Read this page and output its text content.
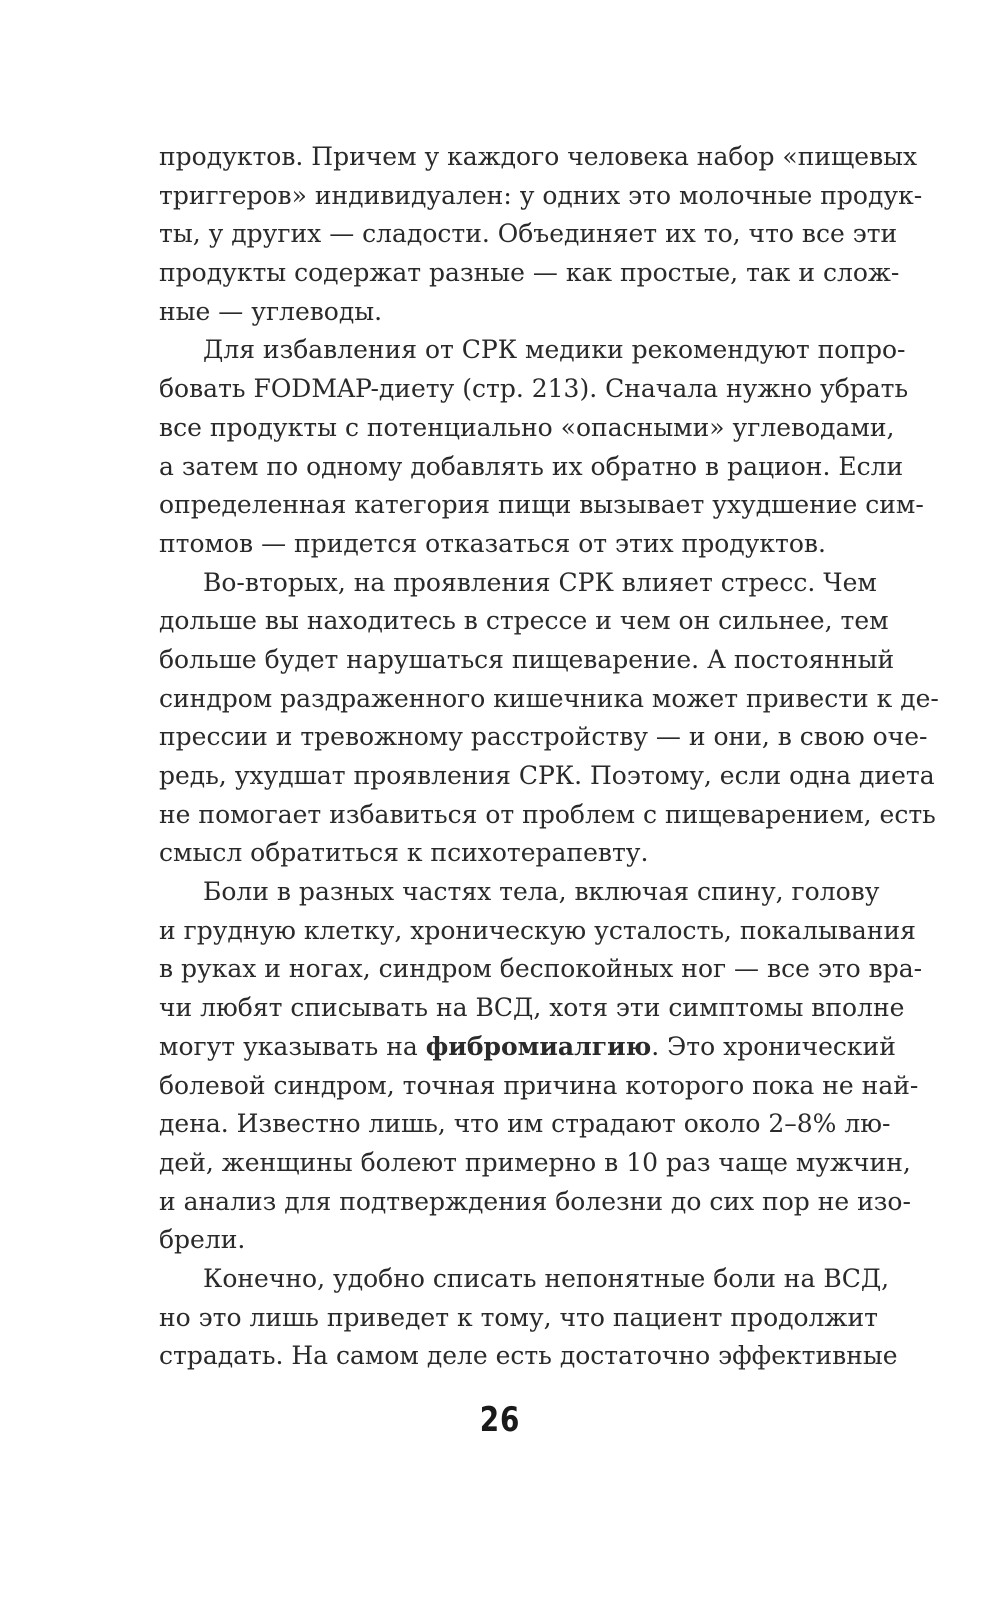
продуктов. Причем у каждого человека набор «пищевых
триггеров» индивидуален: у одних это молочные продук-
ты, у других — сладости. Объединяет их то, что все эти
продукты содержат разные — как простые, так и слож-
ные — углеводы.
Для избавления от СРК медики рекомендуют попро-
бовать FODMAP-диету (стр. 213). Сначала нужно убрать
все продукты с потенциально «опасными» углеводами,
а затем по одному добавлять их обратно в рацион. Если
определенная категория пищи вызывает ухудшение сим-
птомов — придется отказаться от этих продуктов.
Во-вторых, на проявления СРК влияет стресс. Чем
дольше вы находитесь в стрессе и чем он сильнее, тем
больше будет нарушаться пищеварение. А постоянный
синдром раздраженного кишечника может привести к де-
прессии и тревожному расстройству — и они, в свою оче-
редь, ухудшат проявления СРК. Поэтому, если одна диета
не помогает избавиться от проблем с пищеварением, есть
смысл обратиться к психотерапевту.
Боли в разных частях тела, включая спину, голову
и грудную клетку, хроническую усталость, покалывания
в руках и ногах, синдром беспокойных ног — все это вра-
чи любят списывать на ВСД, хотя эти симптомы вполне
могут указывать на фибромиалгию. Это хронический
болевой синдром, точная причина которого пока не най-
дена. Известно лишь, что им страдают около 2–8% лю-
дей, женщины болеют примерно в 10 раз чаще мужчин,
и анализ для подтверждения болезни до сих пор не изо-
брели.
Конечно, удобно списать непонятные боли на ВСД,
но это лишь приведет к тому, что пациент продолжит
страдать. На самом деле есть достаточно эффективные
26
